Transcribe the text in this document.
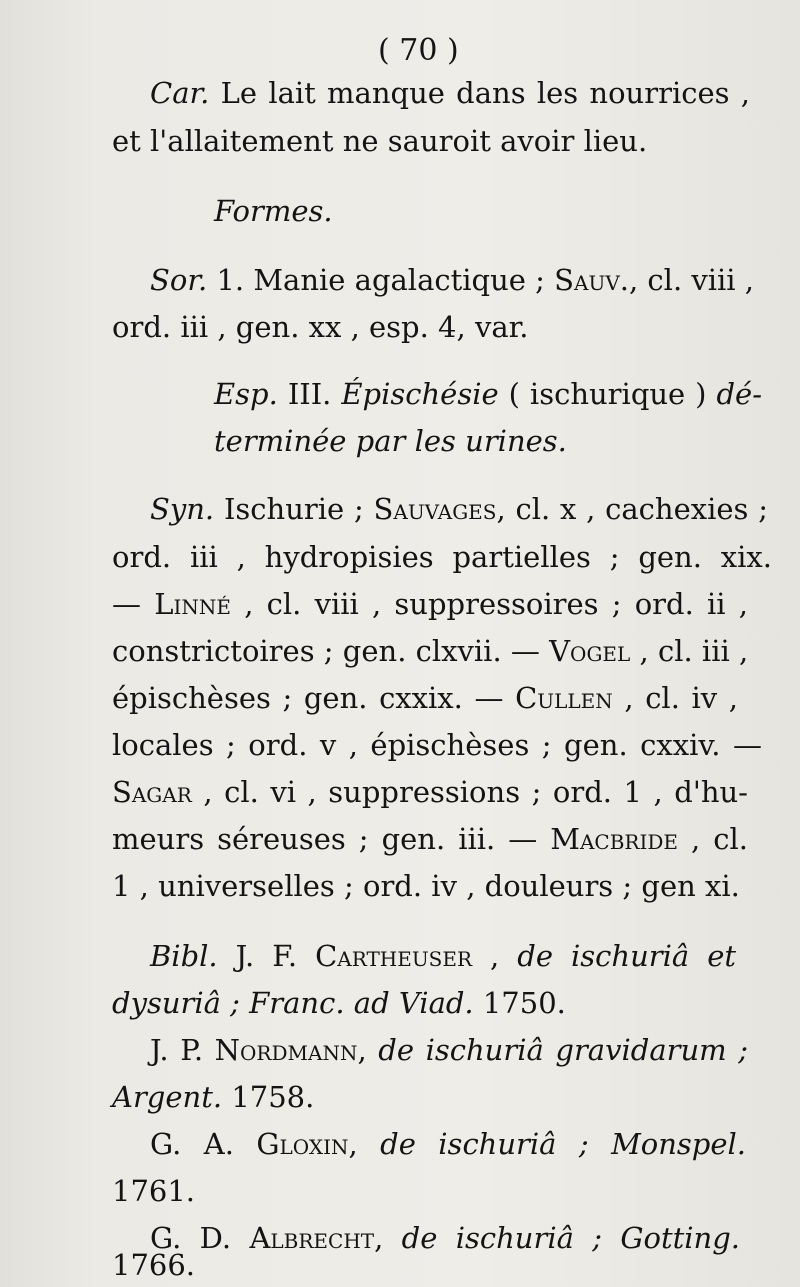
( 70 )
Car. Le lait manque dans les nourrices ,
et l'allaitement ne sauroit avoir lieu.
Formes.
Sor. 1. Manie agalactique ; Sauv., cl. viii ,
ord. iii , gen. xx , esp. 4, var.
Esp. III. Épischésie ( ischurique ) dé-
terminée par les urines.
Syn. Ischurie ; Sauvages, cl. x , cachexies ;
ord. iii , hydropisies partielles ; gen. xix.
— Linné , cl. viii , suppressoires ; ord. ii ,
constrictoires ; gen. clxvii. — Vogel , cl. iii ,
épischèses ; gen. cxxix. — Cullen , cl. iv ,
locales ; ord. v , épischèses ; gen. cxxiv. —
Sagar , cl. vi , suppressions ; ord. 1 , d'hu-
meurs séreuses ; gen. iii. — Macbride , cl.
1 , universelles ; ord. iv , douleurs ; gen xi.
Bibl. J. F. Cartheuser , de ischuriâ et
dysuriâ ; Franc. ad Viad. 1750.
J. P. Nordmann, de ischuriâ gravidarum ;
Argent. 1758.
G. A. Gloxin, de ischuriâ ; Monspel.
1761.
G. D. Albrecht, de ischuriâ ; Gotting.
1766.
